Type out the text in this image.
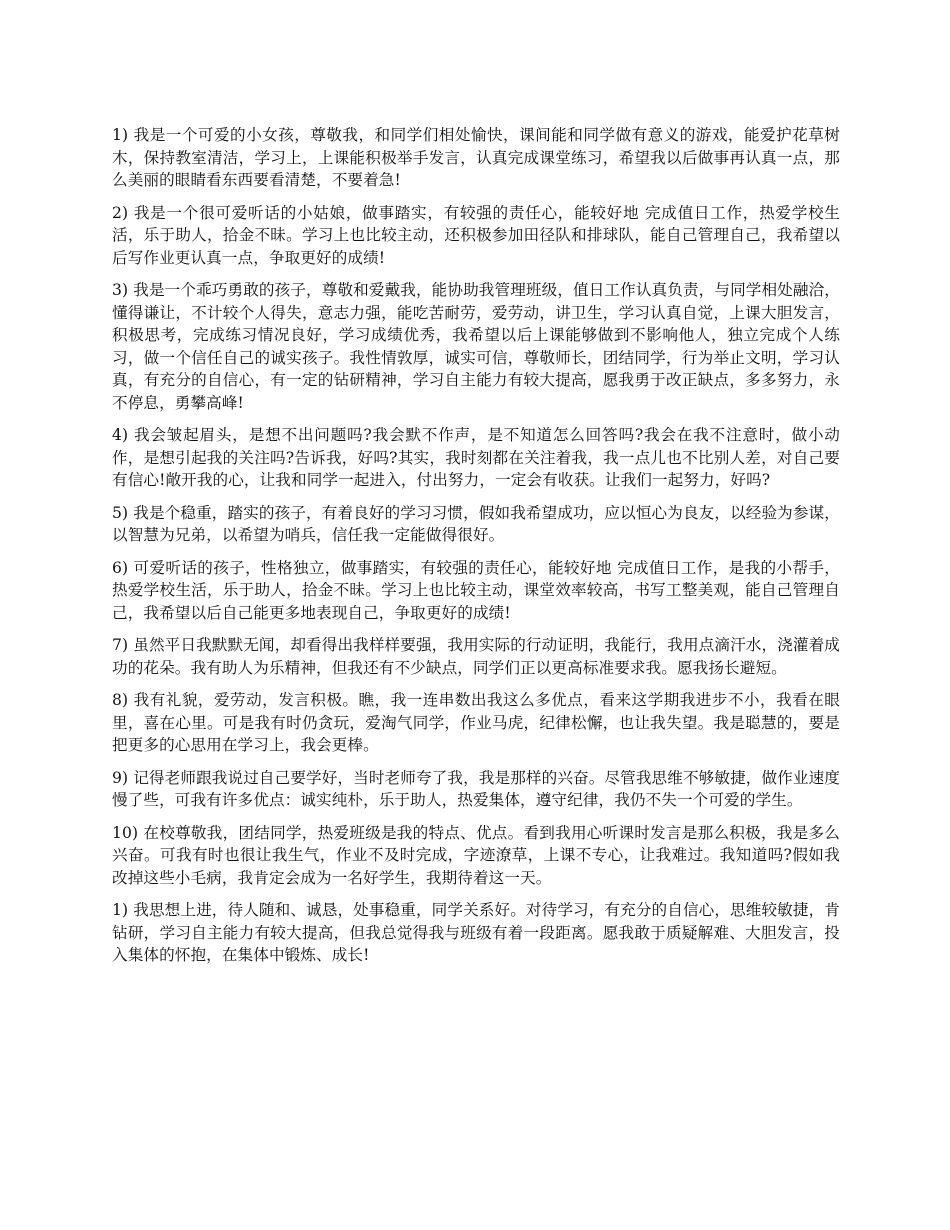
1) 我是一个可爱的小女孩，尊敬我，和同学们相处愉快，课间能和同学做有意义的游戏，能爱护花草树木，保持教室清洁，学习上，上课能积极举手发言，认真完成课堂练习，希望我以后做事再认真一点，那么美丽的眼睛看东西要看清楚，不要着急!

2) 我是一个很可爱听话的小姑娘，做事踏实，有较强的责任心，能较好地 完成值日工作，热爱学校生活，乐于助人，拾金不昧。学习上也比较主动，还积极参加田径队和排球队，能自己管理自己，我希望以后写作业更认真一点，争取更好的成绩!

3) 我是一个乖巧勇敢的孩子，尊敬和爱戴我，能协助我管理班级，值日工作认真负责，与同学相处融洽，懂得谦让，不计较个人得失，意志力强，能吃苦耐劳，爱劳动，讲卫生，学习认真自觉，上课大胆发言，积极思考，完成练习情况良好，学习成绩优秀，我希望以后上课能够做到不影响他人，独立完成个人练习，做一个信任自己的诚实孩子。我性情敦厚，诚实可信，尊敬师长，团结同学，行为举止文明，学习认真，有充分的自信心，有一定的钻研精神，学习自主能力有较大提高，愿我勇于改正缺点，多多努力，永不停息，勇攀高峰!

4) 我会皱起眉头，是想不出问题吗?我会默不作声，是不知道怎么回答吗?我会在我不注意时，做小动作，是想引起我的关注吗?告诉我，好吗?其实，我时刻都在关注着我，我一点儿也不比别人差，对自己要有信心!敞开我的心，让我和同学一起进入，付出努力，一定会有收获。让我们一起努力，好吗?

5) 我是个稳重，踏实的孩子，有着良好的学习习惯，假如我希望成功，应以恒心为良友，以经验为参谋，以智慧为兄弟，以希望为哨兵，信任我一定能做得很好。

6) 可爱听话的孩子，性格独立，做事踏实，有较强的责任心，能较好地 完成值日工作，是我的小帮手，热爱学校生活，乐于助人，拾金不昧。学习上也比较主动，课堂效率较高，书写工整美观，能自己管理自己，我希望以后自己能更多地表现自己，争取更好的成绩!

7) 虽然平日我默默无闻，却看得出我样样要强，我用实际的行动证明，我能行，我用点滴汗水，浇灌着成功的花朵。我有助人为乐精神，但我还有不少缺点，同学们正以更高标准要求我。愿我扬长避短。

8) 我有礼貌，爱劳动，发言积极。瞧，我一连串数出我这么多优点，看来这学期我进步不小，我看在眼里，喜在心里。可是我有时仍贪玩，爱淘气同学，作业马虎，纪律松懈，也让我失望。我是聪慧的，要是把更多的心思用在学习上，我会更棒。

9) 记得老师跟我说过自己要学好，当时老师夸了我，我是那样的兴奋。尽管我思维不够敏捷，做作业速度慢了些，可我有许多优点：诚实纯朴，乐于助人，热爱集体，遵守纪律，我仍不失一个可爱的学生。

10) 在校尊敬我，团结同学，热爱班级是我的特点、优点。看到我用心听课时发言是那么积极，我是多么兴奋。可我有时也很让我生气，作业不及时完成，字迹潦草，上课不专心，让我难过。我知道吗?假如我改掉这些小毛病，我肯定会成为一名好学生，我期待着这一天。

1) 我思想上进，待人随和、诚恳，处事稳重，同学关系好。对待学习，有充分的自信心，思维较敏捷，肯钻研，学习自主能力有较大提高，但我总觉得我与班级有着一段距离。愿我敢于质疑解难、大胆发言，投入集体的怀抱，在集体中锻炼、成长!
